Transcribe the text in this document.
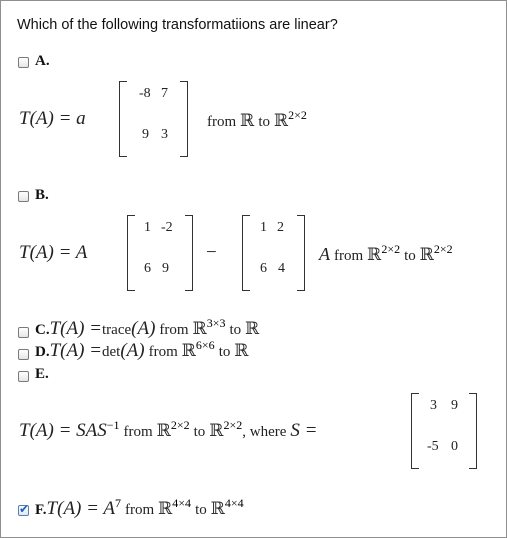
Which of the following transformatiions are linear?
A.
T(A) = a
-8 7
9 3
from ℝ to ℝ$^{2\times 2}$
B.
T(A) = A
1 -2
6 9
−
1 2
6 4
A from ℝ$^{2\times 2}$ to ℝ$^{2\times 2}$
C.T(A) =trace(A) from ℝ$^{3\times 3}$ to ℝ
D.T(A) =det(A) from ℝ$^{6\times 6}$ to ℝ
E.
$T(A) = SAS^{-1}$ from ℝ$^{2\times 2}$ to ℝ$^{2\times 2}$, where S =
3 9
-5 0
✔
$F.T(A) = A^7$ from ℝ$^{4\times 4}$ to ℝ$^{4\times 4}$
